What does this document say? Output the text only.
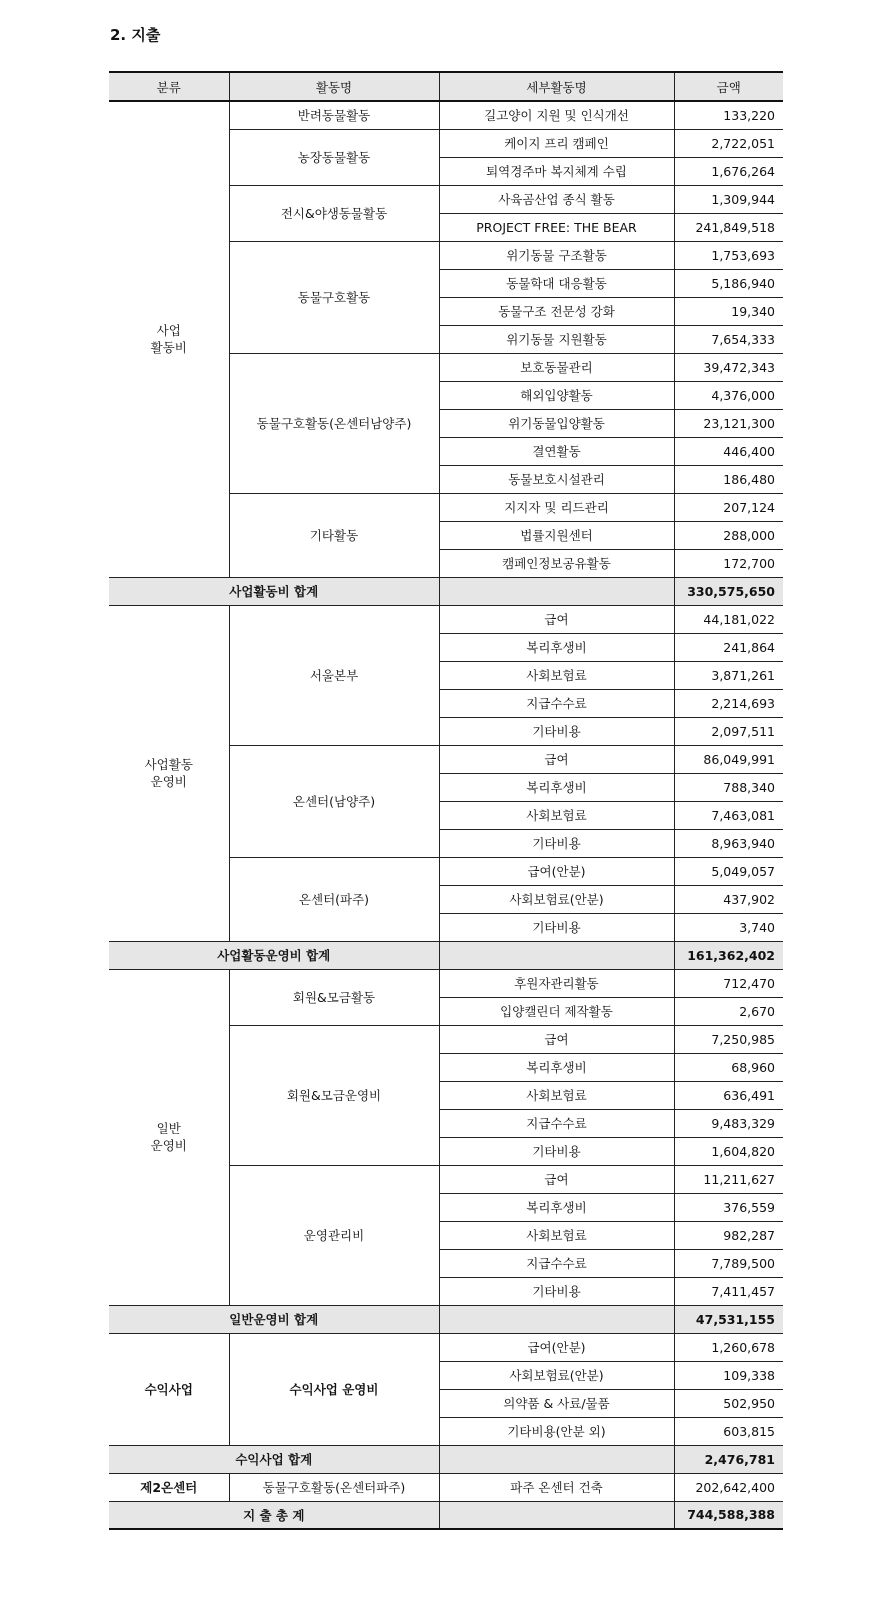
2. 지출
분류	활동명	세부활동명	금액
사업
활동비	반려동물활동	길고양이 지원 및 인식개선	133,220
	농장동물활동	케이지 프리 캠페인	2,722,051
		퇴역경주마 복지체계 수립	1,676,264
	전시&야생동물활동	사육곰산업 종식 활동	1,309,944
		PROJECT FREE: THE BEAR	241,849,518
	동물구호활동	위기동물 구조활동	1,753,693
		동물학대 대응활동	5,186,940
		동물구조 전문성 강화	19,340
		위기동물 지원활동	7,654,333
	동물구호활동(온센터남양주)	보호동물관리	39,472,343
		해외입양활동	4,376,000
		위기동물입양활동	23,121,300
		결연활동	446,400
		동물보호시설관리	186,480
	기타활동	지지자 및 리드관리	207,124
		법률지원센터	288,000
		캠페인정보공유활동	172,700
사업활동비 합계			330,575,650
사업활동
운영비	서울본부	급여	44,181,022
		복리후생비	241,864
		사회보험료	3,871,261
		지급수수료	2,214,693
		기타비용	2,097,511
	온센터(남양주)	급여	86,049,991
		복리후생비	788,340
		사회보험료	7,463,081
		기타비용	8,963,940
	온센터(파주)	급여(안분)	5,049,057
		사회보험료(안분)	437,902
		기타비용	3,740
사업활동운영비 합계			161,362,402
일반
운영비	회원&모금활동	후원자관리활동	712,470
		입양캘린더 제작활동	2,670
	회원&모금운영비	급여	7,250,985
		복리후생비	68,960
		사회보험료	636,491
		지급수수료	9,483,329
		기타비용	1,604,820
	운영관리비	급여	11,211,627
		복리후생비	376,559
		사회보험료	982,287
		지급수수료	7,789,500
		기타비용	7,411,457
일반운영비 합계			47,531,155
수익사업	수익사업 운영비	급여(안분)	1,260,678
		사회보험료(안분)	109,338
		의약품 & 사료/물품	502,950
		기타비용(안분 외)	603,815
수익사업 합계			2,476,781
제2온센터	동물구호활동(온센터파주)	파주 온센터 건축	202,642,400
지 출 총 계			744,588,388
